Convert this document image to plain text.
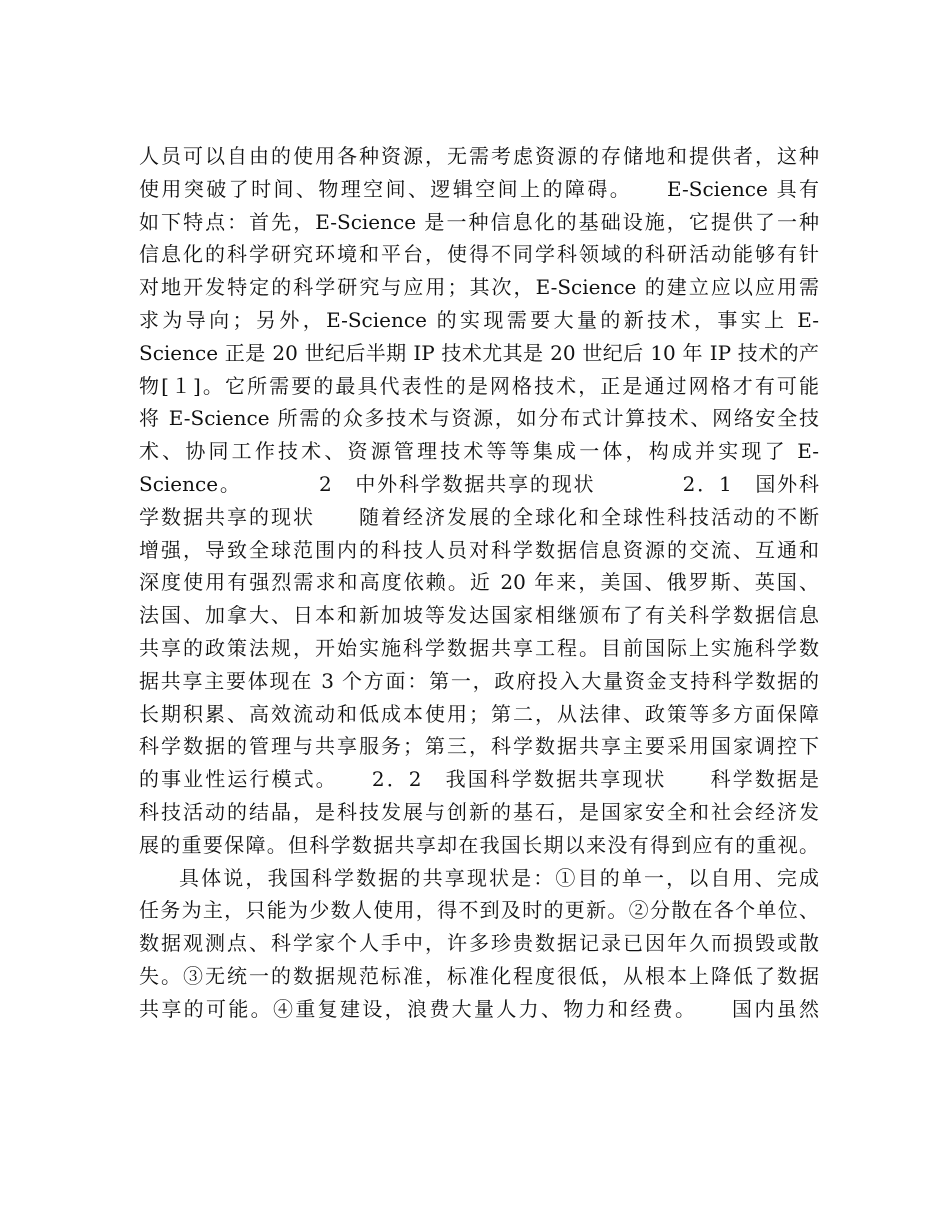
人员可以自由的使用各种资源，无需考虑资源的存储地和提供者，这种
使用突破了时间、物理空间、逻辑空间上的障碍。　　E-Science 具有
如下特点：首先，E-Science 是一种信息化的基础设施，它提供了一种
信息化的科学研究环境和平台，使得不同学科领域的科研活动能够有针
对地开发特定的科学研究与应用；其次，E-Science 的建立应以应用需
求为导向；另外，E-Science 的实现需要大量的新技术，事实上 E-
Science 正是 20 世纪后半期 IP 技术尤其是 20 世纪后 10 年 IP 技术的产
物[１]。它所需要的最具代表性的是网格技术，正是通过网格才有可能
将 E-Science 所需的众多技术与资源，如分布式计算技术、网络安全技
术、协同工作技术、资源管理技术等等集成一体，构成并实现了 E-
Science。　　　　2　中外科学数据共享的现状　　　　2．1　国外科
学数据共享的现状　　随着经济发展的全球化和全球性科技活动的不断
增强，导致全球范围内的科技人员对科学数据信息资源的交流、互通和
深度使用有强烈需求和高度依赖。近 20 年来，美国、俄罗斯、英国、
法国、加拿大、日本和新加坡等发达国家相继颁布了有关科学数据信息
共享的政策法规，开始实施科学数据共享工程。目前国际上实施科学数
据共享主要体现在 3 个方面：第一，政府投入大量资金支持科学数据的
长期积累、高效流动和低成本使用；第二，从法律、政策等多方面保障
科学数据的管理与共享服务；第三，科学数据共享主要采用国家调控下
的事业性运行模式。　　2．2　我国科学数据共享现状　　科学数据是
科技活动的结晶，是科技发展与创新的基石，是国家安全和社会经济发
展的重要保障。但科学数据共享却在我国长期以来没有得到应有的重视。
具体说，我国科学数据的共享现状是：①目的单一，以自用、完成
任务为主，只能为少数人使用，得不到及时的更新。②分散在各个单位、
数据观测点、科学家个人手中，许多珍贵数据记录已因年久而损毁或散
失。③无统一的数据规范标准，标准化程度很低，从根本上降低了数据
共享的可能。④重复建设，浪费大量人力、物力和经费。　　国内虽然
